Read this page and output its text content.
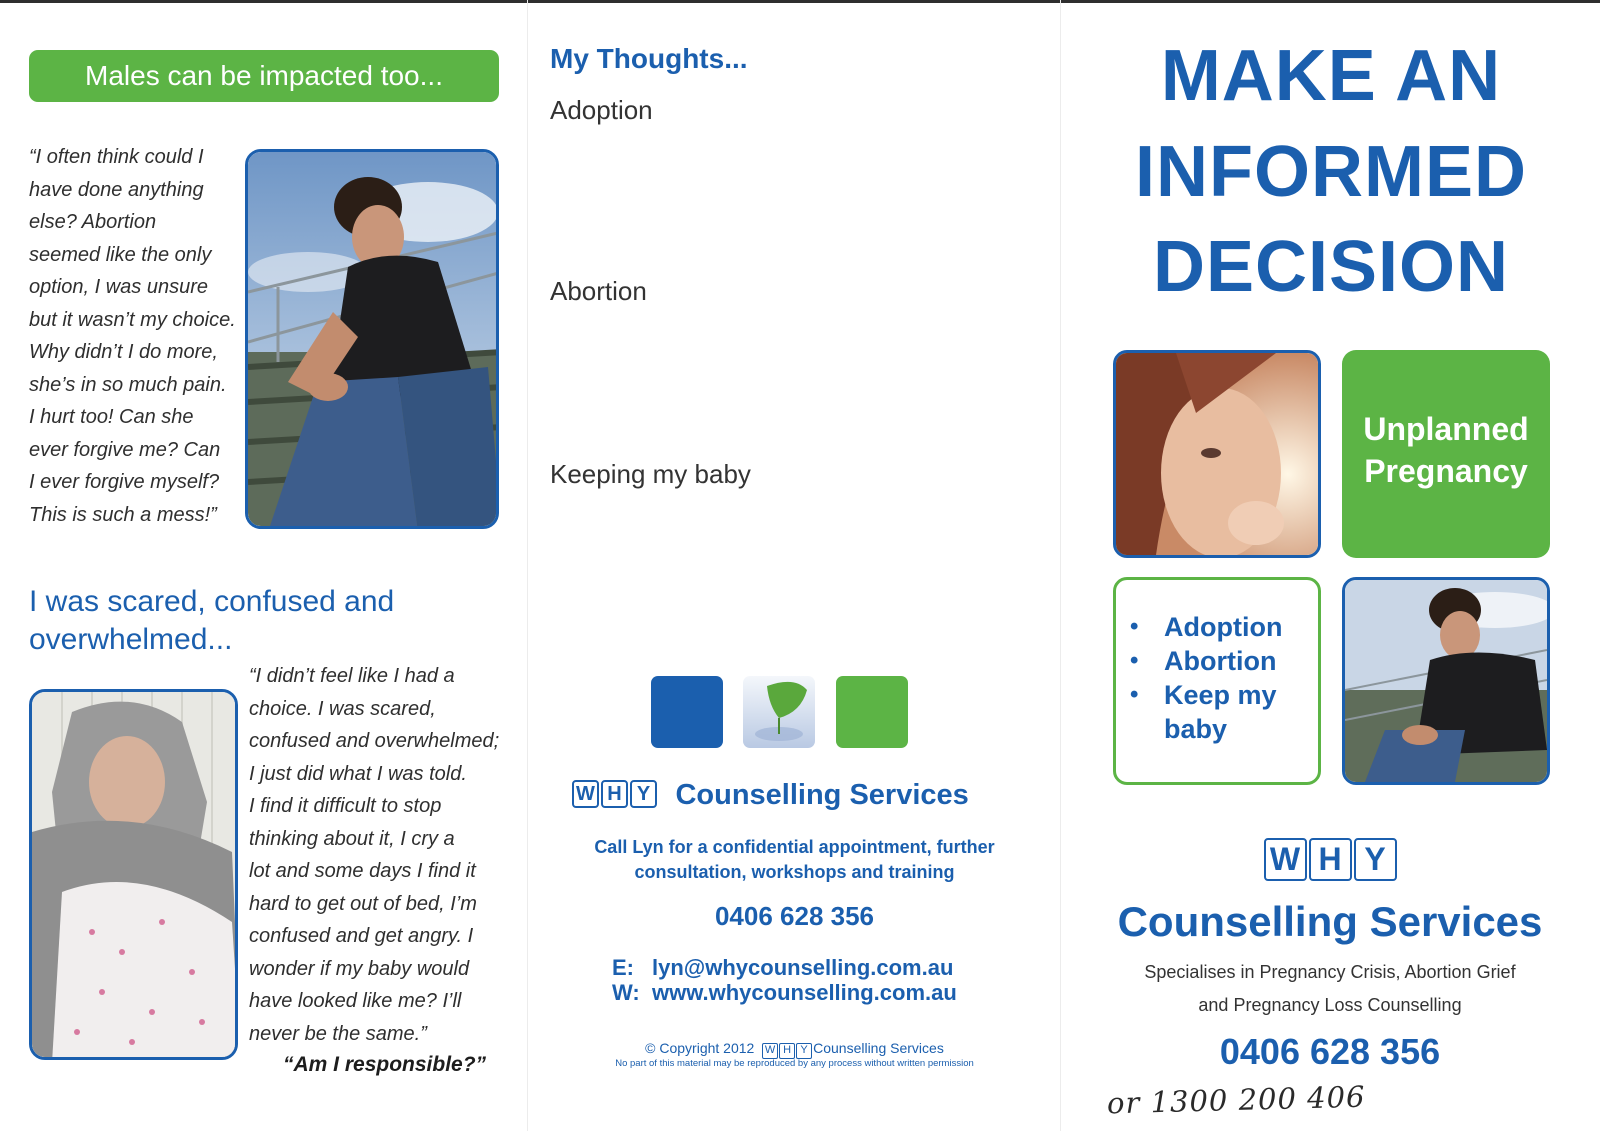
Males can be impacted too...
“I often think could I
have done anything
else? Abortion
seemed like the only
option, I was unsure
but it wasn’t my choice.
Why didn’t I do more,
she’s in so much pain.
I hurt too! Can she
ever forgive me? Can
I ever forgive myself?
This is such a mess!”
I was scared, confused and
overwhelmed...
“I didn’t feel like I had a
choice. I was scared,
confused and overwhelmed;
I just did what I was told.
I find it difficult to stop
thinking about it, I cry a
lot and some days I find it
hard to get out of bed, I’m
confused and get angry. I
wonder if my baby would
have looked like me? I’ll
never be the same.”
“Am I responsible?”
My Thoughts...
Adoption
Abortion
Keeping my baby
W H Y Counselling Services
Call Lyn for a confidential appointment, further
consultation, workshops and training
0406 628 356
E: lyn@whycounselling.com.au
W: www.whycounselling.com.au
© Copyright 2012 W H Y Counselling Services
No part of this material may be reproduced by any process without written permission
MAKE AN
INFORMED
DECISION
Unplanned
Pregnancy
• Adoption
• Abortion
• Keep my
baby
W H Y
Counselling Services
Specialises in Pregnancy Crisis, Abortion Grief
and Pregnancy Loss Counselling
0406 628 356
or 1300 200 406
